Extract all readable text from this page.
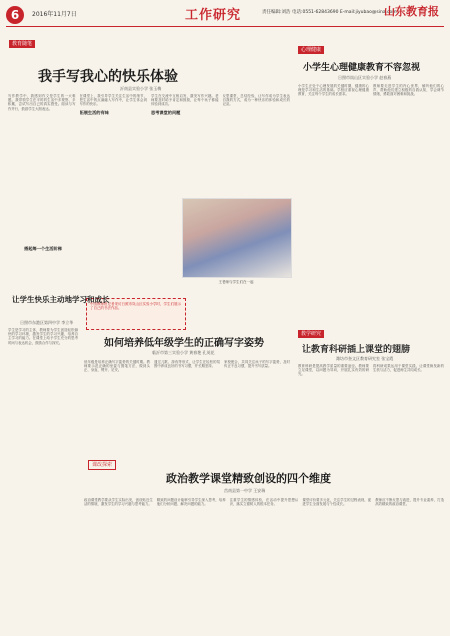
6	2016年11月7日	工作研究	责任编辑:刘浩 电话:0551-62843690 E-mail:jiyubao@sina.com
山东教育报
教育随笔
我手写我心的快乐体验
沂南县实验小学 张玉梅
写作教学中，我感到作文是学生的一大难题。我带领学生在平时的生活中多观察、多积累，尝试写出自己的真实感受。阅读与写作并行，鼓励学生大胆表达。
在课堂上，我引导学生关注生活中的细节，把生活中的点滴融入写作中，让学生体会到写作的快乐。

拓展生活的有味
学生在交流中互相启发，激发写作兴趣。老师要及时给予肯定和鼓励，让每个孩子都能体验到成功。

思考课堂的问题
反思课堂，总结经验，让写作成为学生表达自我的方式，成为一种快乐的体验和成长的记录。
搭起每一个生活阶梯
王老师与学生们在一起
心理健康
小学生心理健康教育不容忽视
日照市岚山区实验小学 赵春燕
小学生正处于心理发展的关键时期，健康的心理是学习和生活的基础。学校应重视心理健康教育，关注每个学生的成长需求。
教师要走进学生的内心世界，倾听他们的心声，帮助他们建立积极的自我认知，学会调节情绪，勇敢面对困难和挑战。
中国教师报记者采访日照市岚山区实验小学时，学生们展示了自己的书法作品。
让学生快乐主动地学习和成长
日照市东港区第四中学 李立华
学生是学习的主体，教师要为学生创造轻松愉快的学习环境，激发学生的学习兴趣，培养自主学习的能力。在课堂上给予学生充分的思考时间与表达机会，鼓励合作与探究。	如何培养低年级学生的正确写字姿势
临沂市第三实验小学 黄春艳 孔英花
低年级是培养正确写字姿势的关键时期。教师要示范正确的坐姿与握笔方法，做到头正、身直、臂开、足安。
通过儿歌、游戏等形式，让学生在轻松的氛围中养成良好的书写习惯，并长期坚持。
家校配合，共同关注孩子的写字姿势，及时纠正不良习惯，提升书写质量。
教学研究
让教育科研插上课堂的翅膀
潍坊市奎文区教育研究室 张宝霞
教育科研是提高教学质量的重要途径。教师要立足课堂，以问题为导向，开展扎实有效的研究。
将科研成果运用于课堂实践，让课堂焕发新的生机与活力，促进师生共同成长。
课改探索
政治教学课堂精致创设的四个维度
莒南县第一中学 王安瑞
政治课堂教学要从学生实际出发，创设贴近生活的情境，激发学生的学习兴趣与思考能力。
精致的问题设计能够引导学生深入思考，培养他们分析问题、解决问题的能力。
注重学生的情感体验，在活动中提升思想认识，落实立德树人的根本任务。
课堂评价要多元化，关注学生的过程表现，促进学生全面发展与个性成长。
教师应不断反思与改进，提升专业素养，打造高效精致的政治课堂。
